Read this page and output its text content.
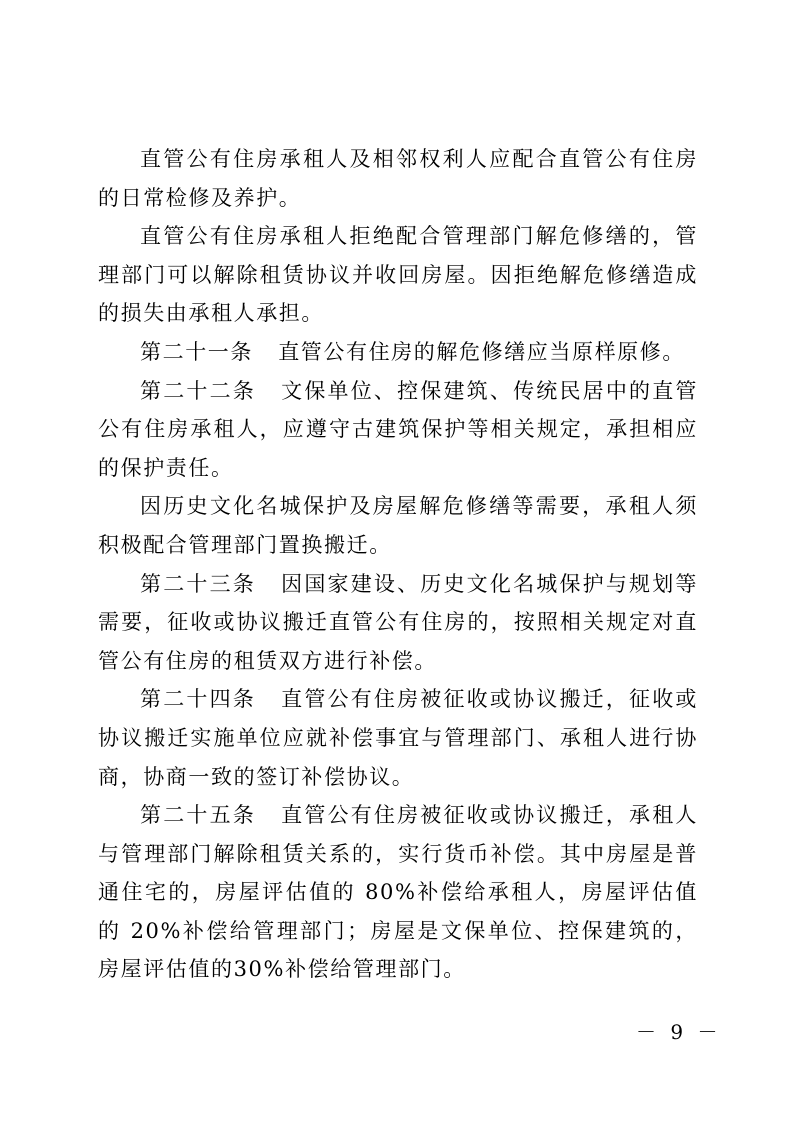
直管公有住房承租人及相邻权利人应配合直管公有住房的日常检修及养护。

直管公有住房承租人拒绝配合管理部门解危修缮的，管理部门可以解除租赁协议并收回房屋。因拒绝解危修缮造成的损失由承租人承担。

第二十一条 直管公有住房的解危修缮应当原样原修。

第二十二条 文保单位、控保建筑、传统民居中的直管公有住房承租人，应遵守古建筑保护等相关规定，承担相应的保护责任。

因历史文化名城保护及房屋解危修缮等需要，承租人须积极配合管理部门置换搬迁。

第二十三条 因国家建设、历史文化名城保护与规划等需要，征收或协议搬迁直管公有住房的，按照相关规定对直管公有住房的租赁双方进行补偿。

第二十四条 直管公有住房被征收或协议搬迁，征收或协议搬迁实施单位应就补偿事宜与管理部门、承租人进行协商，协商一致的签订补偿协议。

第二十五条 直管公有住房被征收或协议搬迁，承租人与管理部门解除租赁关系的，实行货币补偿。其中房屋是普通住宅的，房屋评估值的 80%补偿给承租人，房屋评估值的 20%补偿给管理部门；房屋是文保单位、控保建筑的，房屋评估值的30%补偿给管理部门。

－ 9 －
